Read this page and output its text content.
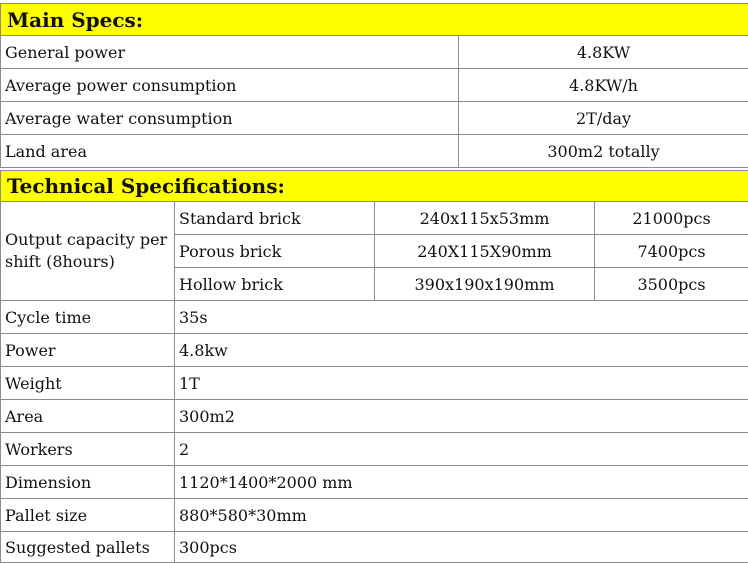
Main Specs:	
General power	4.8KW
Average power consumption	4.8KW/h
Average water consumption	2T/day
Land area	300m2 totally
Technical Specifications:			
Output capacity per shift (8hours)	Standard brick	240x115x53mm	21000pcs
	Porous brick	240X115X90mm	7400pcs
	Hollow brick	390x190x190mm	3500pcs
Cycle time	35s		
Power	4.8kw		
Weight	1T		
Area	300m2		
Workers	2		
Dimension	1120*1400*2000 mm		
Pallet size	880*580*30mm		
Suggested pallets	300pcs		
